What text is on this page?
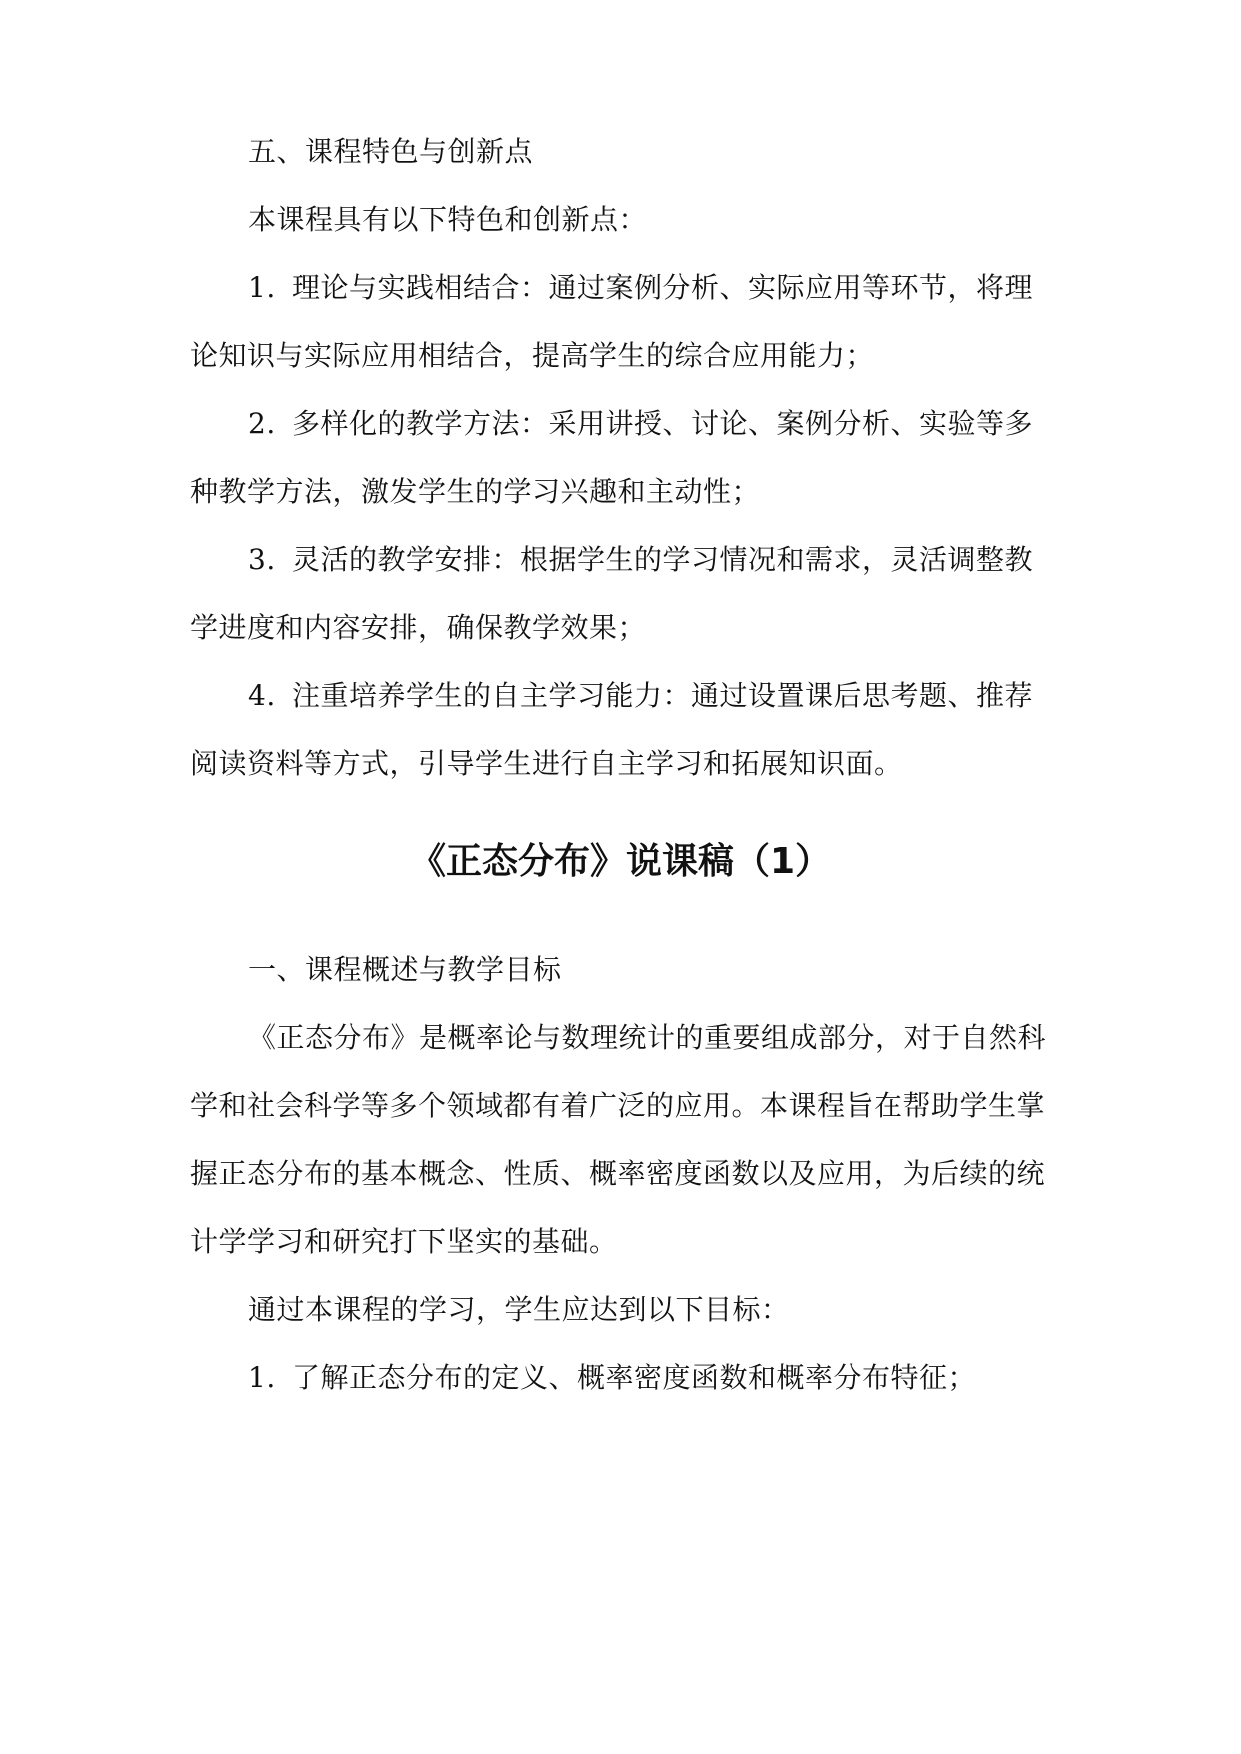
五、课程特色与创新点
本课程具有以下特色和创新点：
1. 理论与实践相结合：通过案例分析、实际应用等环节，将理
论知识与实际应用相结合，提高学生的综合应用能力；
2. 多样化的教学方法：采用讲授、讨论、案例分析、实验等多
种教学方法，激发学生的学习兴趣和主动性；
3. 灵活的教学安排：根据学生的学习情况和需求，灵活调整教
学进度和内容安排，确保教学效果；
4. 注重培养学生的自主学习能力：通过设置课后思考题、推荐
阅读资料等方式，引导学生进行自主学习和拓展知识面。
《正态分布》说课稿（1）
一、课程概述与教学目标
《正态分布》是概率论与数理统计的重要组成部分，对于自然科
学和社会科学等多个领域都有着广泛的应用。本课程旨在帮助学生掌
握正态分布的基本概念、性质、概率密度函数以及应用，为后续的统
计学学习和研究打下坚实的基础。
通过本课程的学习，学生应达到以下目标：
1. 了解正态分布的定义、概率密度函数和概率分布特征；
